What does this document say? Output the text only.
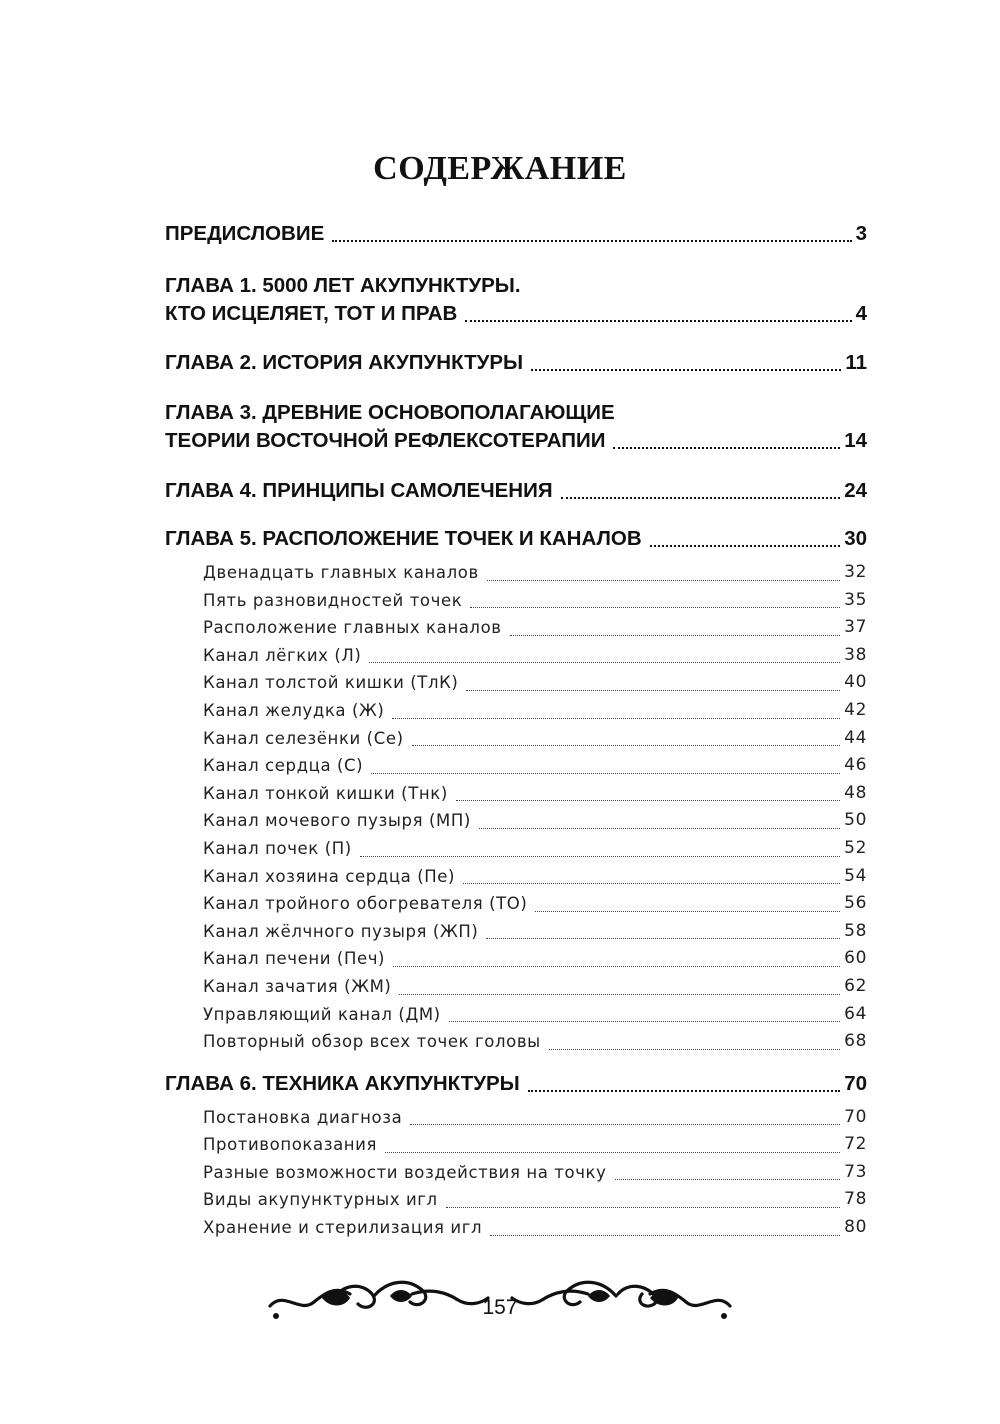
СОДЕРЖАНИЕ
ПРЕДИСЛОВИЕ	3
ГЛАВА 1. 5000 ЛЕТ АКУПУНКТУРЫ.
КТО ИСЦЕЛЯЕТ, ТОТ И ПРАВ	4
ГЛАВА 2. ИСТОРИЯ АКУПУНКТУРЫ	11
ГЛАВА 3. ДРЕВНИЕ ОСНОВОПОЛАГАЮЩИЕ
ТЕОРИИ ВОСТОЧНОЙ РЕФЛЕКСОТЕРАПИИ	14
ГЛАВА 4. ПРИНЦИПЫ САМОЛЕЧЕНИЯ	24
ГЛАВА 5. РАСПОЛОЖЕНИЕ ТОЧЕК И КАНАЛОВ	30
Двенадцать главных каналов	32
Пять разновидностей точек	35
Расположение главных каналов	37
Канал лёгких (Л)	38
Канал толстой кишки (ТлК)	40
Канал желудка (Ж)	42
Канал селезёнки (Се)	44
Канал сердца (С)	46
Канал тонкой кишки (Тнк)	48
Канал мочевого пузыря (МП)	50
Канал почек (П)	52
Канал хозяина сердца (Пе)	54
Канал тройного обогревателя (ТО)	56
Канал жёлчного пузыря (ЖП)	58
Канал печени (Печ)	60
Канал зачатия (ЖМ)	62
Управляющий канал (ДМ)	64
Повторный обзор всех точек головы	68
ГЛАВА 6. ТЕХНИКА АКУПУНКТУРЫ	70
Постановка диагноза	70
Противопоказания	72
Разные возможности воздействия на точку	73
Виды акупунктурных игл	78
Хранение и стерилизация игл	80
157
